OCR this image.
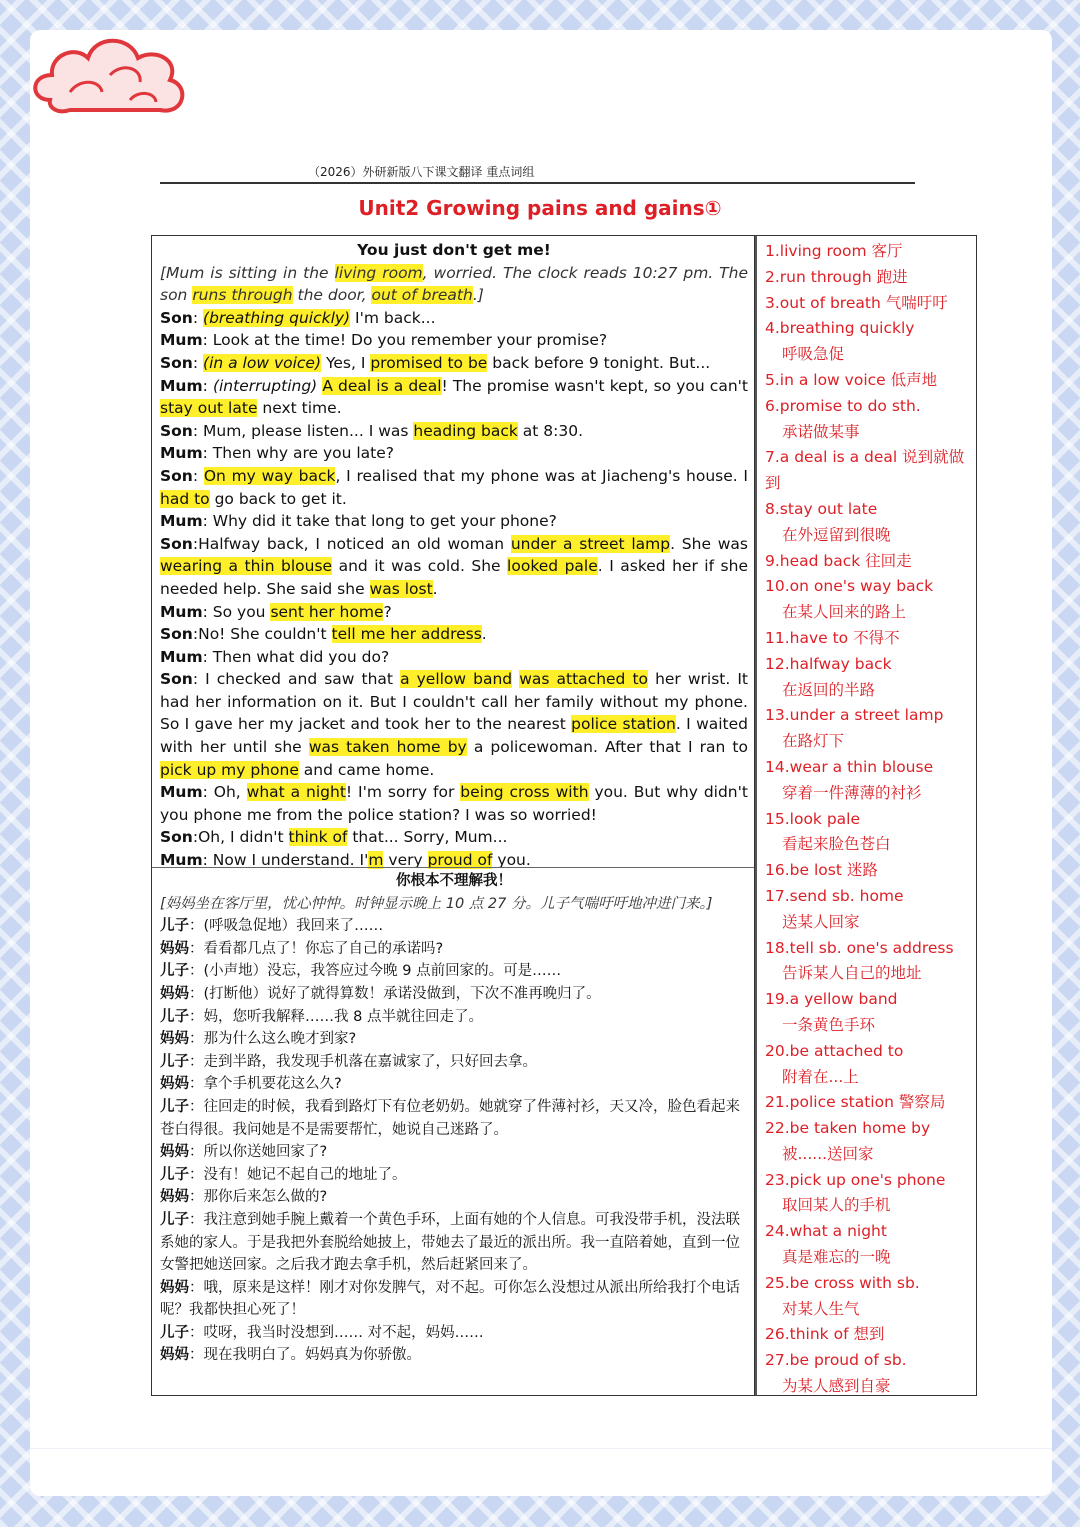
（2026）外研新版八下课文翻译 重点词组
Unit2 Growing pains and gains①
You just don't get me!

[Mum is sitting in the living room, worried. The clock reads 10:27 pm. The son runs through the door, out of breath.]

Son: (breathing quickly) I'm back...

Mum: Look at the time! Do you remember your promise?

Son: (in a low voice) Yes, I promised to be back before 9 tonight. But...

Mum: (interrupting) A deal is a deal! The promise wasn't kept, so you can't stay out late next time.

Son: Mum, please listen... I was heading back at 8:30.

Mum: Then why are you late?

Son: On my way back, I realised that my phone was at Jiacheng's house. I had to go back to get it.

Mum: Why did it take that long to get your phone?

Son:Halfway back, I noticed an old woman under a street lamp. She was wearing a thin blouse and it was cold. She looked pale. I asked her if she needed help. She said she was lost.

Mum: So you sent her home?

Son:No! She couldn't tell me her address.

Mum: Then what did you do?

Son: I checked and saw that a yellow band was attached to her wrist. It had her information on it. But I couldn't call her family without my phone. So I gave her my jacket and took her to the nearest police station. I waited with her until she was taken home by a policewoman. After that I ran to pick up my phone and came home.

Mum: Oh, what a night! I'm sorry for being cross with you. But why didn't you phone me from the police station? I was so worried!

Son:Oh, I didn't think of that... Sorry, Mum...

Mum: Now I understand. I'm very proud of you.

你根本不理解我！

[妈妈坐在客厅里，忧心忡忡。时钟显示晚上 10 点 27 分。儿子气喘吁吁地冲进门来。]

儿子：(呼吸急促地）我回来了……

妈妈：看看都几点了！你忘了自己的承诺吗?

儿子：(小声地）没忘，我答应过今晚 9 点前回家的。可是……

妈妈：(打断他）说好了就得算数！承诺没做到，下次不准再晚归了。

儿子：妈，您听我解释……我 8 点半就往回走了。

妈妈：那为什么这么晚才到家?

儿子：走到半路，我发现手机落在嘉诚家了，只好回去拿。

妈妈：拿个手机要花这么久?

儿子：往回走的时候，我看到路灯下有位老奶奶。她就穿了件薄衬衫，天又冷，脸色看起来苍白得很。我问她是不是需要帮忙，她说自己迷路了。

妈妈：所以你送她回家了?

儿子：没有！她记不起自己的地址了。

妈妈：那你后来怎么做的?

儿子：我注意到她手腕上戴着一个黄色手环，上面有她的个人信息。可我没带手机，没法联系她的家人。于是我把外套脱给她披上，带她去了最近的派出所。我一直陪着她，直到一位女警把她送回家。之后我才跑去拿手机，然后赶紧回来了。

妈妈：哦，原来是这样！刚才对你发脾气，对不起。可你怎么没想过从派出所给我打个电话呢？我都快担心死了！

儿子：哎呀，我当时没想到…… 对不起，妈妈……

妈妈：现在我明白了。妈妈真为你骄傲。

1.living room 客厅
2.run through 跑进
3.out of breath 气喘吁吁
4.breathing quickly
呼吸急促
5.in a low voice 低声地
6.promise to do sth.
承诺做某事
7.a deal is a deal 说到就做到
8.stay out late
在外逗留到很晚
9.head back 往回走
10.on one's way back
在某人回来的路上
11.have to 不得不
12.halfway back
在返回的半路
13.under a street lamp
在路灯下
14.wear a thin blouse
穿着一件薄薄的衬衫
15.look pale
看起来脸色苍白
16.be lost 迷路
17.send sb. home
送某人回家
18.tell sb. one's address
告诉某人自己的地址
19.a yellow band
一条黄色手环
20.be attached to
附着在...上
21.police station 警察局
22.be taken home by
被......送回家
23.pick up one's phone
取回某人的手机
24.what a night
真是难忘的一晚
25.be cross with sb.
对某人生气
26.think of 想到
27.be proud of sb.
为某人感到自豪
